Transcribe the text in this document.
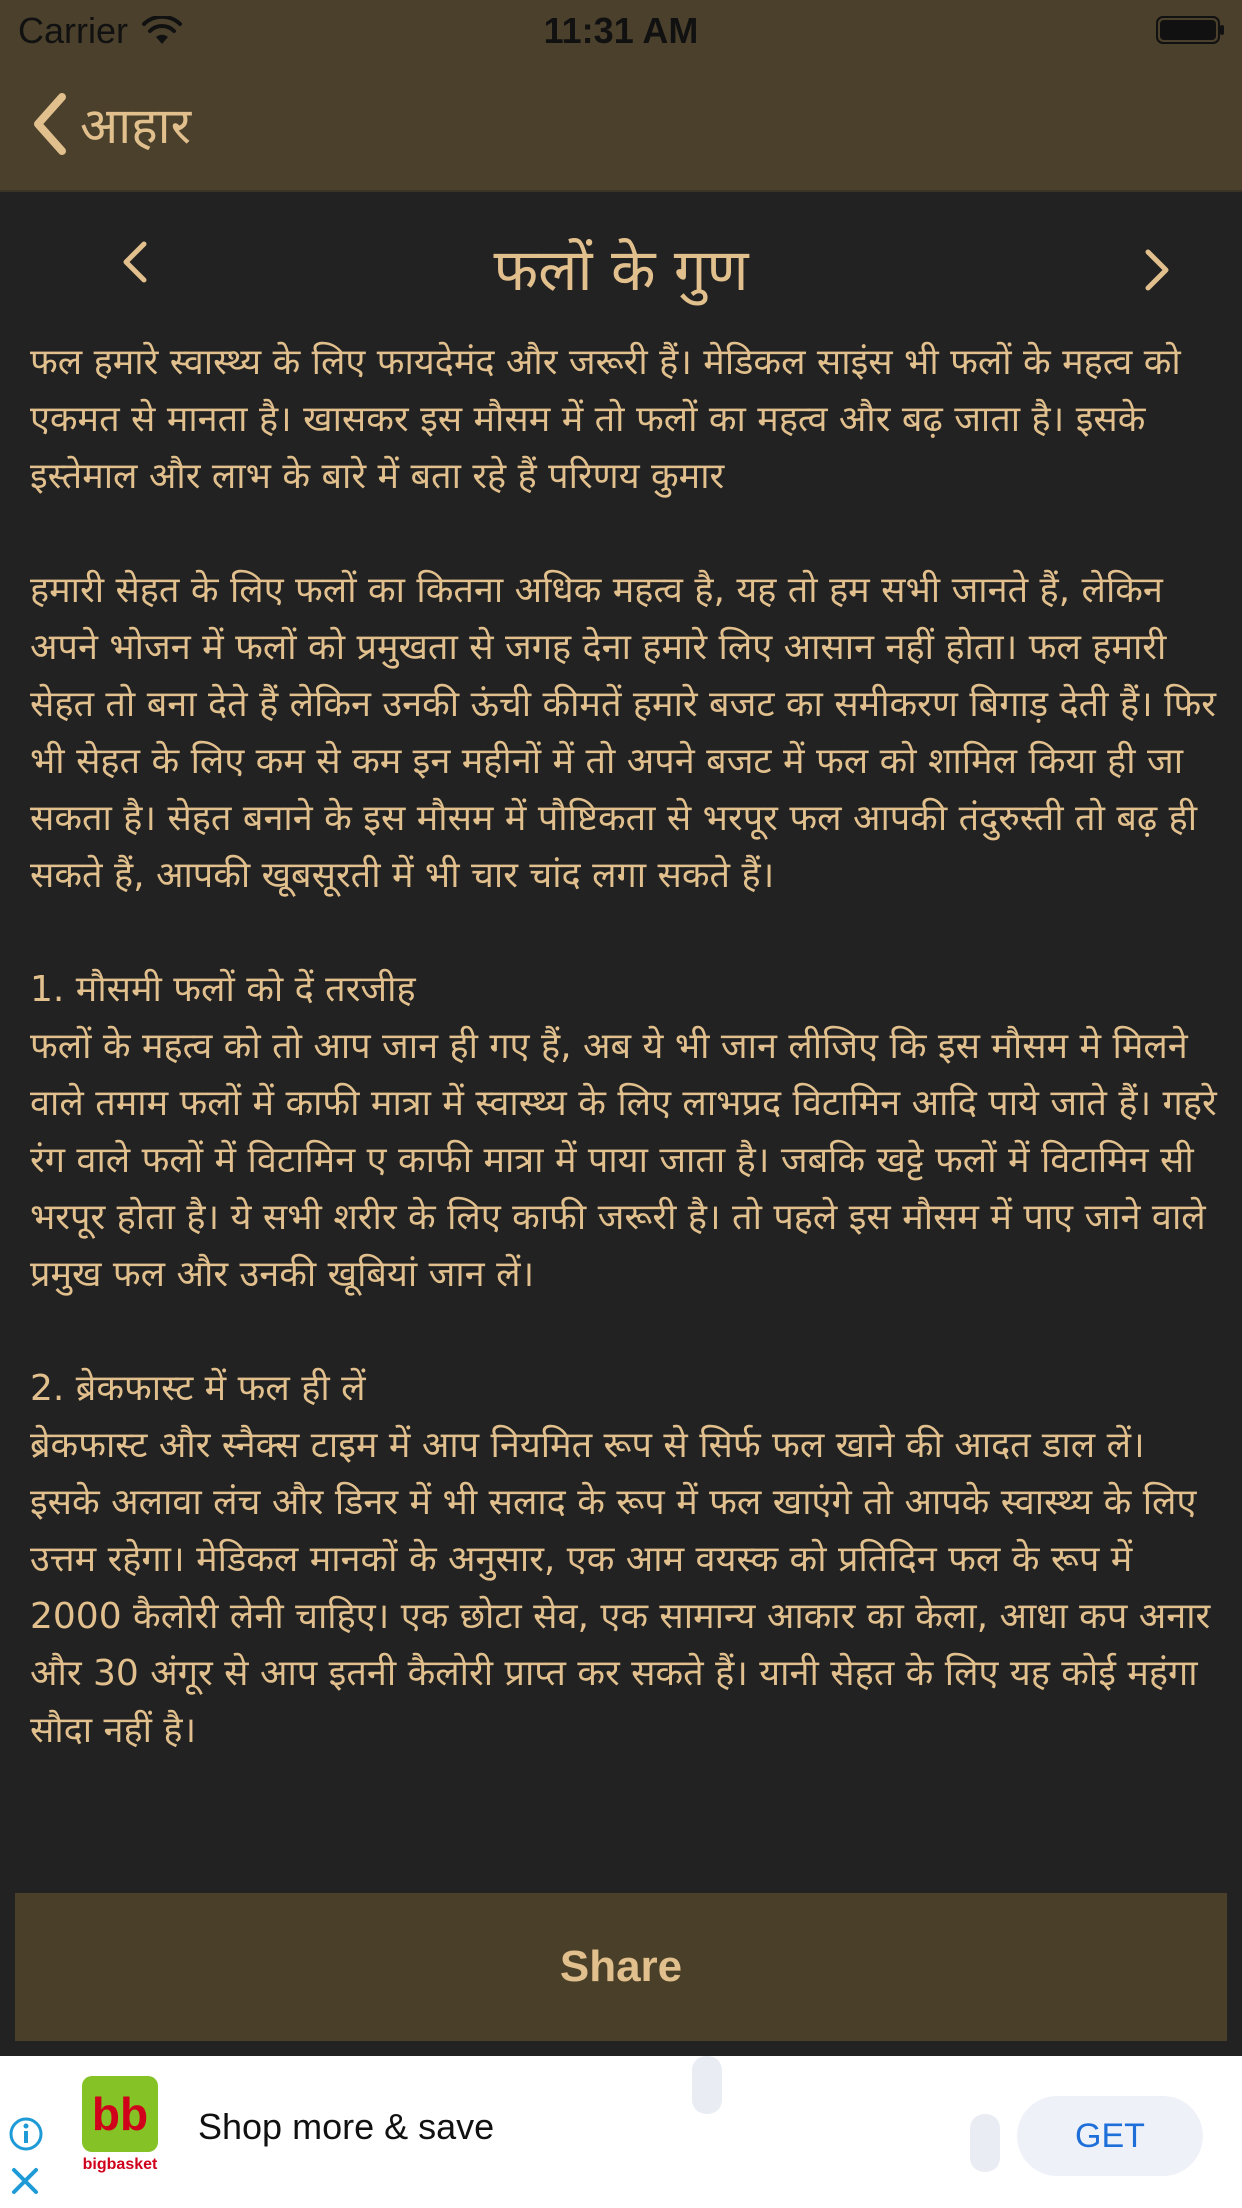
Carrier	11:31 AM
आहार
फलों के गुण
फल हमारे स्वास्थ्य के लिए फायदेमंद और जरूरी हैं। मेडिकल साइंस भी फलों के महत्व को एकमत से मानता है। खासकर इस मौसम में तो फलों का महत्व और बढ़ जाता है। इसके इस्तेमाल और लाभ के बारे में बता रहे हैं परिणय कुमार

हमारी सेहत के लिए फलों का कितना अधिक महत्व है, यह तो हम सभी जानते हैं, लेकिन अपने भोजन में फलों को प्रमुखता से जगह देना हमारे लिए आसान नहीं होता। फल हमारी सेहत तो बना देते हैं लेकिन उनकी ऊंची कीमतें हमारे बजट का समीकरण बिगाड़ देती हैं। फिर भी सेहत के लिए कम से कम इन महीनों में तो अपने बजट में फल को शामिल किया ही जा सकता है। सेहत बनाने के इस मौसम में पौष्टिकता से भरपूर फल आपकी तंदुरुस्ती तो बढ़ ही सकते हैं, आपकी खूबसूरती में भी चार चांद लगा सकते हैं।

1. मौसमी फलों को दें तरजीह
फलों के महत्व को तो आप जान ही गए हैं, अब ये भी जान लीजिए कि इस मौसम मे मिलने वाले तमाम फलों में काफी मात्रा में स्वास्थ्य के लिए लाभप्रद विटामिन आदि पाये जाते हैं। गहरे रंग वाले फलों में विटामिन ए काफी मात्रा में पाया जाता है। जबकि खट्टे फलों में विटामिन सी भरपूर होता है। ये सभी शरीर के लिए काफी जरूरी है। तो पहले इस मौसम में पाए जाने वाले प्रमुख फल और उनकी खूबियां जान लें।

2. ब्रेकफास्ट में फल ही लें
ब्रेकफास्ट और स्नैक्स टाइम में आप नियमित रूप से सिर्फ फल खाने की आदत डाल लें। इसके अलावा लंच और डिनर में भी सलाद के रूप में फल खाएंगे तो आपके स्वास्थ्य के लिए उत्तम रहेगा। मेडिकल मानकों के अनुसार, एक आम वयस्क को प्रतिदिन फल के रूप में 2000 कैलोरी लेनी चाहिए। एक छोटा सेव, एक सामान्य आकार का केला, आधा कप अनार और 30 अंगूर से आप इतनी कैलोरी प्राप्त कर सकते हैं। यानी सेहत के लिए यह कोई महंगा सौदा नहीं है।
Share
bb
bigbasket
Shop more & save	GET
